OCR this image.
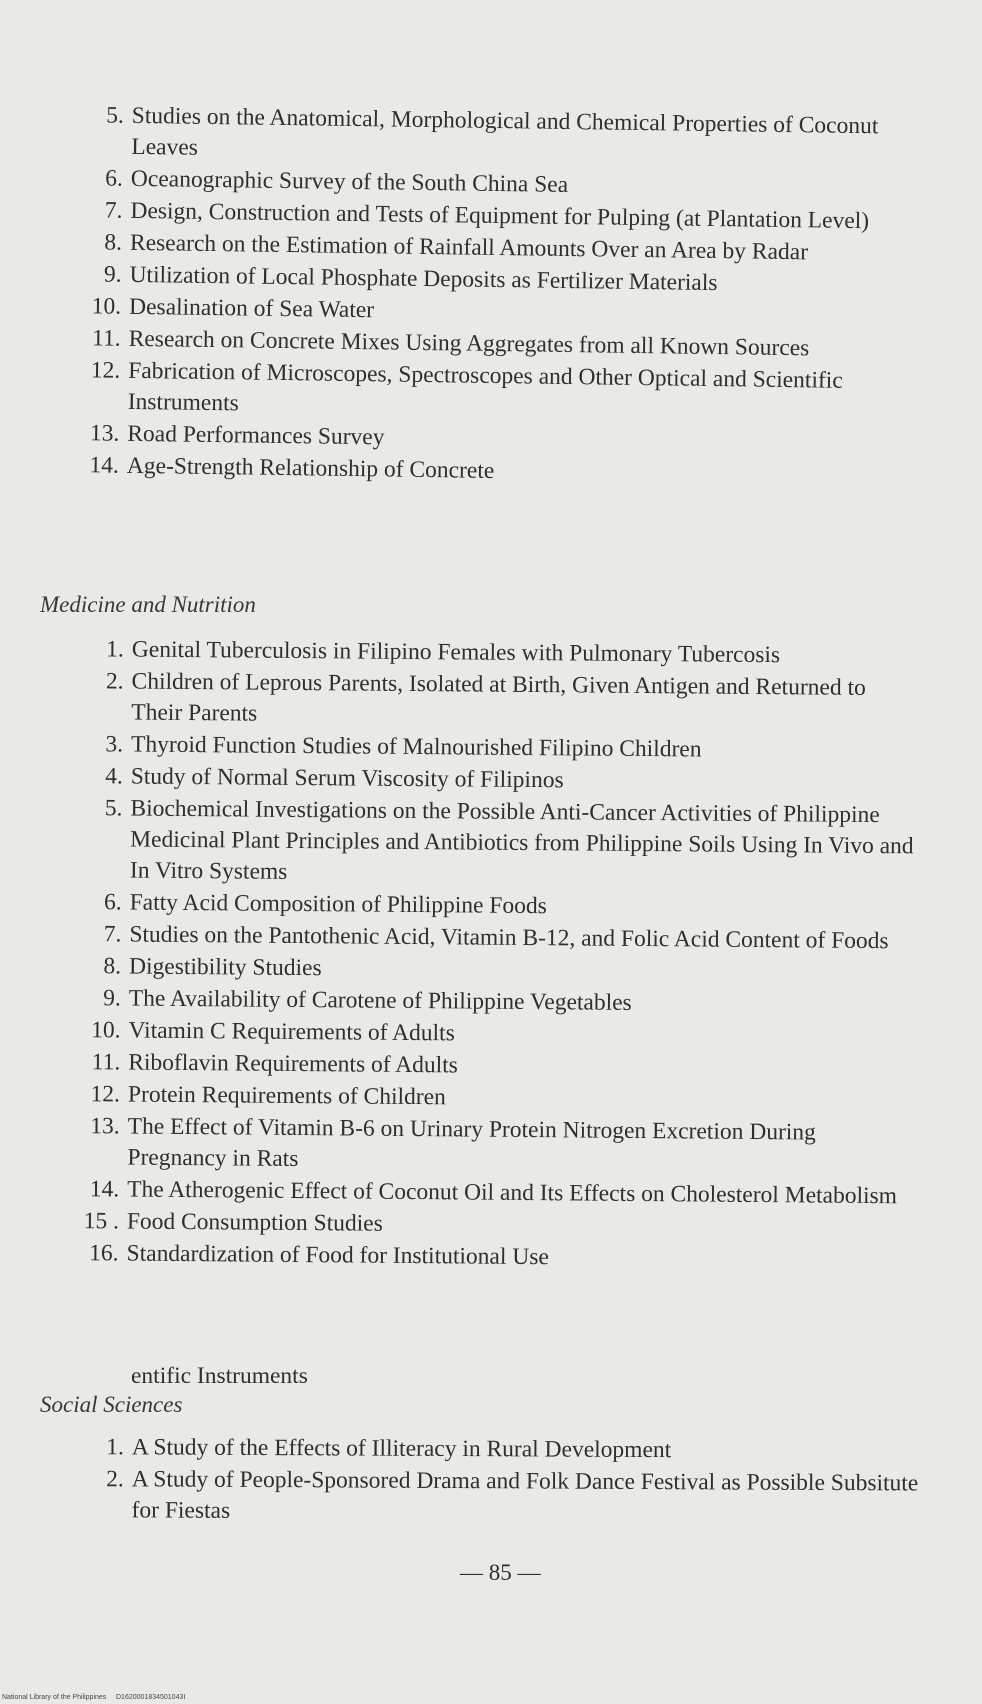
5. Studies on the Anatomical, Morphological and Chemical Properties of Coconut Leaves
6. Oceanographic Survey of the South China Sea
7. Design, Construction and Tests of Equipment for Pulping (at Plantation Level)
8. Research on the Estimation of Rainfall Amounts Over an Area by Radar
9. Utilization of Local Phosphate Deposits as Fertilizer Materials
10. Desalination of Sea Water
11. Research on Concrete Mixes Using Aggregates from all Known Sources
12. Fabrication of Microscopes, Spectroscopes and Other Optical and Scientific Instruments
13. Road Performances Survey
14. Age-Strength Relationship of Concrete
Medicine and Nutrition
1. Genital Tuberculosis in Filipino Females with Pulmonary Tubercosis
2. Children of Leprous Parents, Isolated at Birth, Given Antigen and Returned to Their Parents
3. Thyroid Function Studies of Malnourished Filipino Children
4. Study of Normal Serum Viscosity of Filipinos
5. Biochemical Investigations on the Possible Anti-Cancer Activities of Philippine Medicinal Plant Principles and Antibiotics from Philippine Soils Using In Vivo and In Vitro Systems
6. Fatty Acid Composition of Philippine Foods
7. Studies on the Pantothenic Acid, Vitamin B-12, and Folic Acid Content of Foods
8. Digestibility Studies
9. The Availability of Carotene of Philippine Vegetables
10. Vitamin C Requirements of Adults
11. Riboflavin Requirements of Adults
12. Protein Requirements of Children
13. The Effect of Vitamin B-6 on Urinary Protein Nitrogen Excretion During Pregnancy in Rats
14. The Atherogenic Effect of Coconut Oil and Its Effects on Cholesterol Metabolism
15 . Food Consumption Studies
16. Standardization of Food for Institutional Use
entific Instruments
Social Sciences
1. A Study of the Effects of Illiteracy in Rural Development
2. A Study of People-Sponsored Drama and Folk Dance Festival as Possible Subsitute for Fiestas
— 85 —
National Library of the Philippines     D1620001834501043I
